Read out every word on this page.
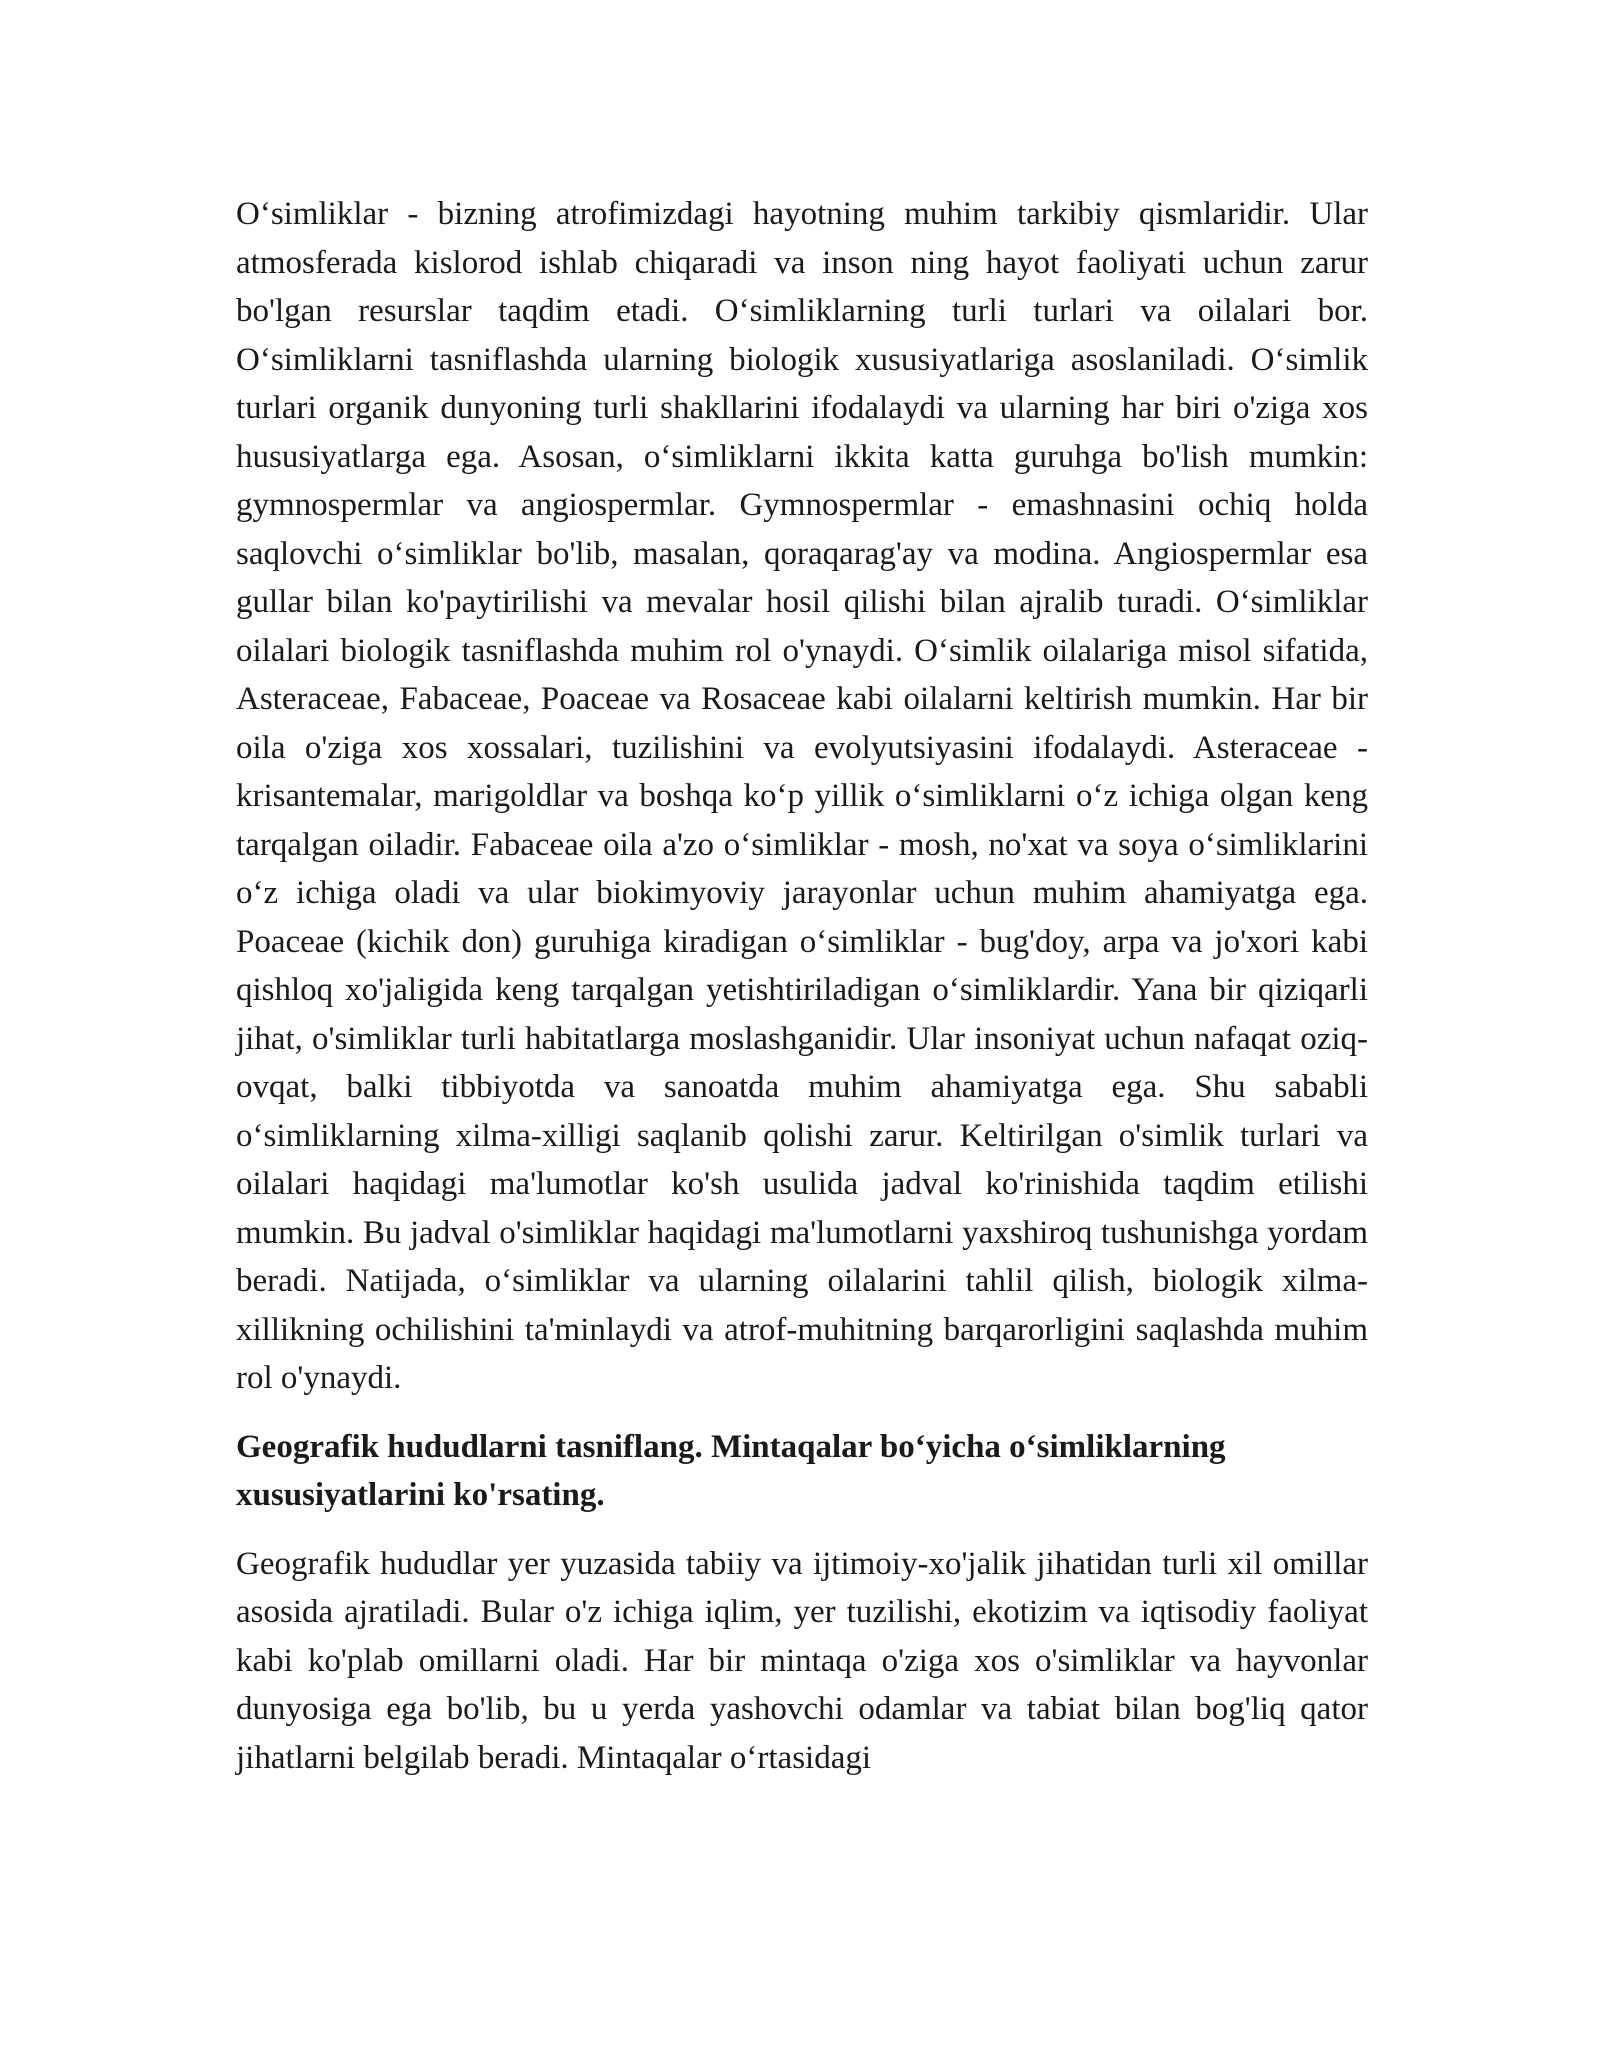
O‘simliklar - bizning atrofimizdagi hayotning muhim tarkibiy qismlaridir. Ular atmosferada kislorod ishlab chiqaradi va inson ning hayot faoliyati uchun zarur bo'lgan resurslar taqdim etadi. O‘simliklarning turli turlari va oilalari bor. O‘simliklarni tasniflashda ularning biologik xususiyatlariga asoslaniladi. O‘simlik turlari organik dunyoning turli shakllarini ifodalaydi va ularning har biri o'ziga xos hususiyatlarga ega. Asosan, o‘simliklarni ikkita katta guruhga bo'lish mumkin: gymnospermlar va angiospermlar. Gymnospermlar - emashnasini ochiq holda saqlovchi o‘simliklar bo'lib, masalan, qoraqarag'ay va modina. Angiospermlar esa gullar bilan ko'paytirilishi va mevalar hosil qilishi bilan ajralib turadi. O‘simliklar oilalari biologik tasniflashda muhim rol o'ynaydi. O‘simlik oilalariga misol sifatida, Asteraceae, Fabaceae, Poaceae va Rosaceae kabi oilalarni keltirish mumkin. Har bir oila o'ziga xos xossalari, tuzilishini va evolyutsiyasini ifodalaydi. Asteraceae - krisantemalar, marigoldlar va boshqa ko‘p yillik o‘simliklarni o‘z ichiga olgan keng tarqalgan oiladir. Fabaceae oila a'zo o‘simliklar - mosh, no'xat va soya o‘simliklarini o‘z ichiga oladi va ular biokimyoviy jarayonlar uchun muhim ahamiyatga ega. Poaceae (kichik don) guruhiga kiradigan o‘simliklar - bug'doy, arpa va jo'xori kabi qishloq xo'jaligida keng tarqalgan yetishtiriladigan o‘simliklardir. Yana bir qiziqarli jihat, o'simliklar turli habitatlarga moslashganidir. Ular insoniyat uchun nafaqat oziq-ovqat, balki tibbiyotda va sanoatda muhim ahamiyatga ega. Shu sababli o‘simliklarning xilma-xilligi saqlanib qolishi zarur. Keltirilgan o'simlik turlari va oilalari haqidagi ma'lumotlar ko'sh usulida jadval ko'rinishida taqdim etilishi mumkin. Bu jadval o'simliklar haqidagi ma'lumotlarni yaxshiroq tushunishga yordam beradi. Natijada, o‘simliklar va ularning oilalarini tahlil qilish, biologik xilma-xillikning ochilishini ta'minlaydi va atrof-muhitning barqarorligini saqlashda muhim rol o'ynaydi.

Geografik hududlarni tasniflang. Mintaqalar bo‘yicha o‘simliklarning xususiyatlarini ko'rsating.

Geografik hududlar yer yuzasida tabiiy va ijtimoiy-xo'jalik jihatidan turli xil omillar asosida ajratiladi. Bular o'z ichiga iqlim, yer tuzilishi, ekotizim va iqtisodiy faoliyat kabi ko'plab omillarni oladi. Har bir mintaqa o'ziga xos o'simliklar va hayvonlar dunyosiga ega bo'lib, bu u yerda yashovchi odamlar va tabiat bilan bog'liq qator jihatlarni belgilab beradi. Mintaqalar o‘rtasidagi
